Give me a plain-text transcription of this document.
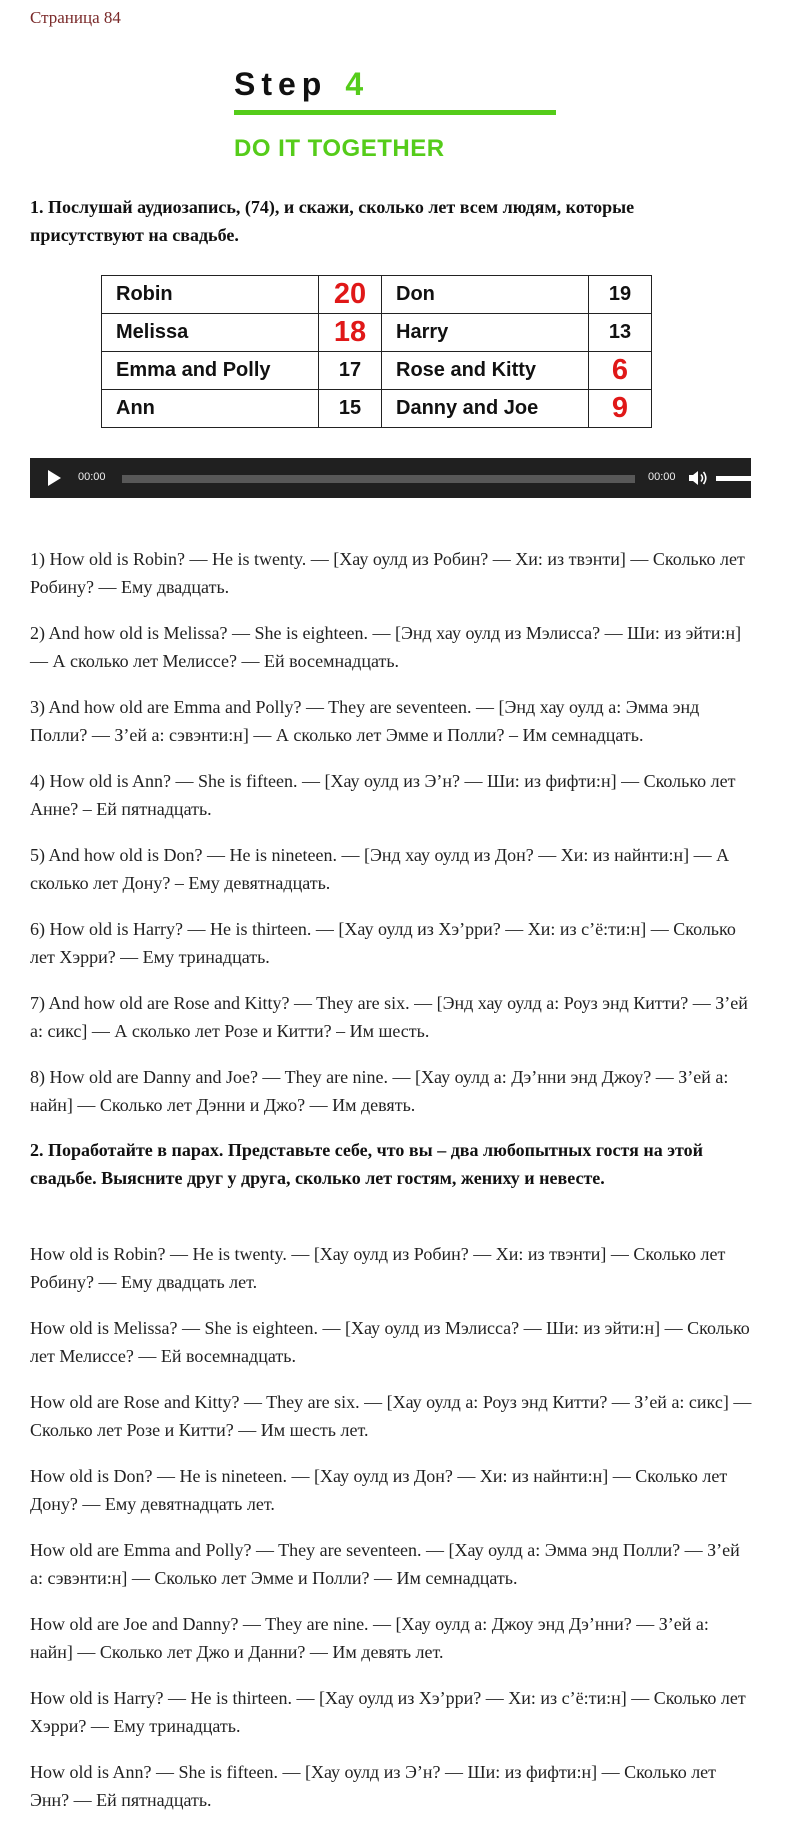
Страница 84
Step 4
DO IT TOGETHER
1. Послушай аудиозапись, (74), и скажи, сколько лет всем людям, которые присутствуют на свадьбе.
Robin	20	Don	19
Melissa	18	Harry	13
Emma and Polly	17	Rose and Kitty	6
Ann	15	Danny and Joe	9
00:00	00:00
1) How old is Robin? — He is twenty. — [Хау оулд из Робин? — Хи: из твэнти] — Сколько лет Робину? — Ему двадцать.
2) And how old is Melissa? — She is eighteen. — [Энд хау оулд из Мэлисса? — Ши: из эйти:н] — А сколько лет Мелиссе? — Ей восемнадцать.
3) And how old are Emma and Polly? — They are seventeen. — [Энд хау оулд а: Эмма энд Полли? — З’ей а: сэвэнти:н] — А сколько лет Эмме и Полли? – Им семнадцать.
4) How old is Ann? — She is fifteen. — [Хау оулд из Э’н? — Ши: из фифти:н] — Сколько лет Анне? – Ей пятнадцать.
5) And how old is Don? — He is nineteen. — [Энд хау оулд из Дон? — Хи: из найнти:н] — А сколько лет Дону? – Ему девятнадцать.
6) How old is Harry? — He is thirteen. — [Хау оулд из Хэ’рри? — Хи: из с’ё:ти:н] — Сколько лет Хэрри? — Ему тринадцать.
7) And how old are Rose and Kitty? — They are six. — [Энд хау оулд а: Роуз энд Китти? — З’ей а: сикс] — А сколько лет Розе и Китти? – Им шесть.
8) How old are Danny and Joe? — They are nine. — [Хау оулд а: Дэ’нни энд Джоу? — З’ей а: найн] — Сколько лет Дэнни и Джо? — Им девять.
2. Поработайте в парах. Представьте себе, что вы – два любопытных гостя на этой свадьбе. Выясните друг у друга, сколько лет гостям, жениху и невесте.
How old is Robin? — He is twenty. — [Хау оулд из Робин? — Хи: из твэнти] — Сколько лет Робину? — Ему двадцать лет.
How old is Melissa? — She is eighteen. — [Хау оулд из Мэлисса? — Ши: из эйти:н] — Сколько лет Мелиссе? — Ей восемнадцать.
How old are Rose and Kitty? — They are six. — [Хау оулд а: Роуз энд Китти? — З’ей а: сикс] — Сколько лет Розе и Китти? — Им шесть лет.
How old is Don? — He is nineteen. — [Хау оулд из Дон? — Хи: из найнти:н] — Сколько лет Дону? — Ему девятнадцать лет.
How old are Emma and Polly? — They are seventeen. — [Хау оулд а: Эмма энд Полли? — З’ей а: сэвэнти:н] — Сколько лет Эмме и Полли? — Им семнадцать.
How old are Joe and Danny? — They are nine. — [Хау оулд а: Джоу энд Дэ’нни? — З’ей а: найн] — Сколько лет Джо и Данни? — Им девять лет.
How old is Harry? — He is thirteen. — [Хау оулд из Хэ’рри? — Хи: из с’ё:ти:н] — Сколько лет Хэрри? — Ему тринадцать.
How old is Ann? — She is fifteen. — [Хау оулд из Э’н? — Ши: из фифти:н] — Сколько лет Энн? — Ей пятнадцать.
